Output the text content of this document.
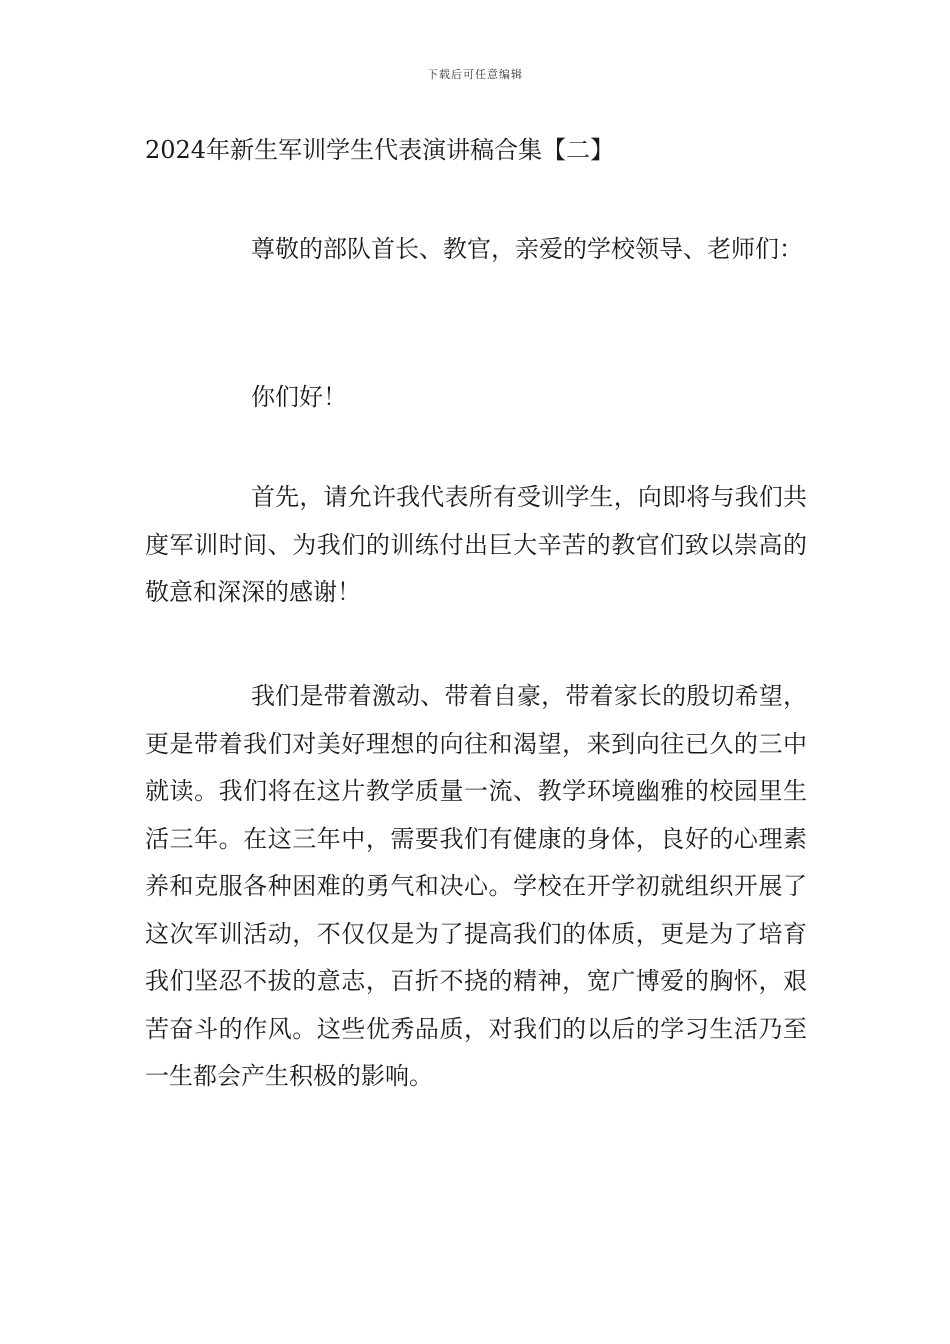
下载后可任意编辑
2024年新生军训学生代表演讲稿合集【二】

尊敬的部队首长、教官，亲爱的学校领导、老师们：

你们好！

首先，请允许我代表所有受训学生，向即将与我们共度军训时间、为我们的训练付出巨大辛苦的教官们致以崇高的敬意和深深的感谢！

我们是带着激动、带着自豪，带着家长的殷切希望，更是带着我们对美好理想的向往和渴望，来到向往已久的三中就读。我们将在这片教学质量一流、教学环境幽雅的校园里生活三年。在这三年中，需要我们有健康的身体，良好的心理素养和克服各种困难的勇气和决心。学校在开学初就组织开展了这次军训活动，不仅仅是为了提高我们的体质，更是为了培育我们坚忍不拔的意志，百折不挠的精神，宽广博爱的胸怀，艰苦奋斗的作风。这些优秀品质，对我们的以后的学习生活乃至一生都会产生积极的影响。
